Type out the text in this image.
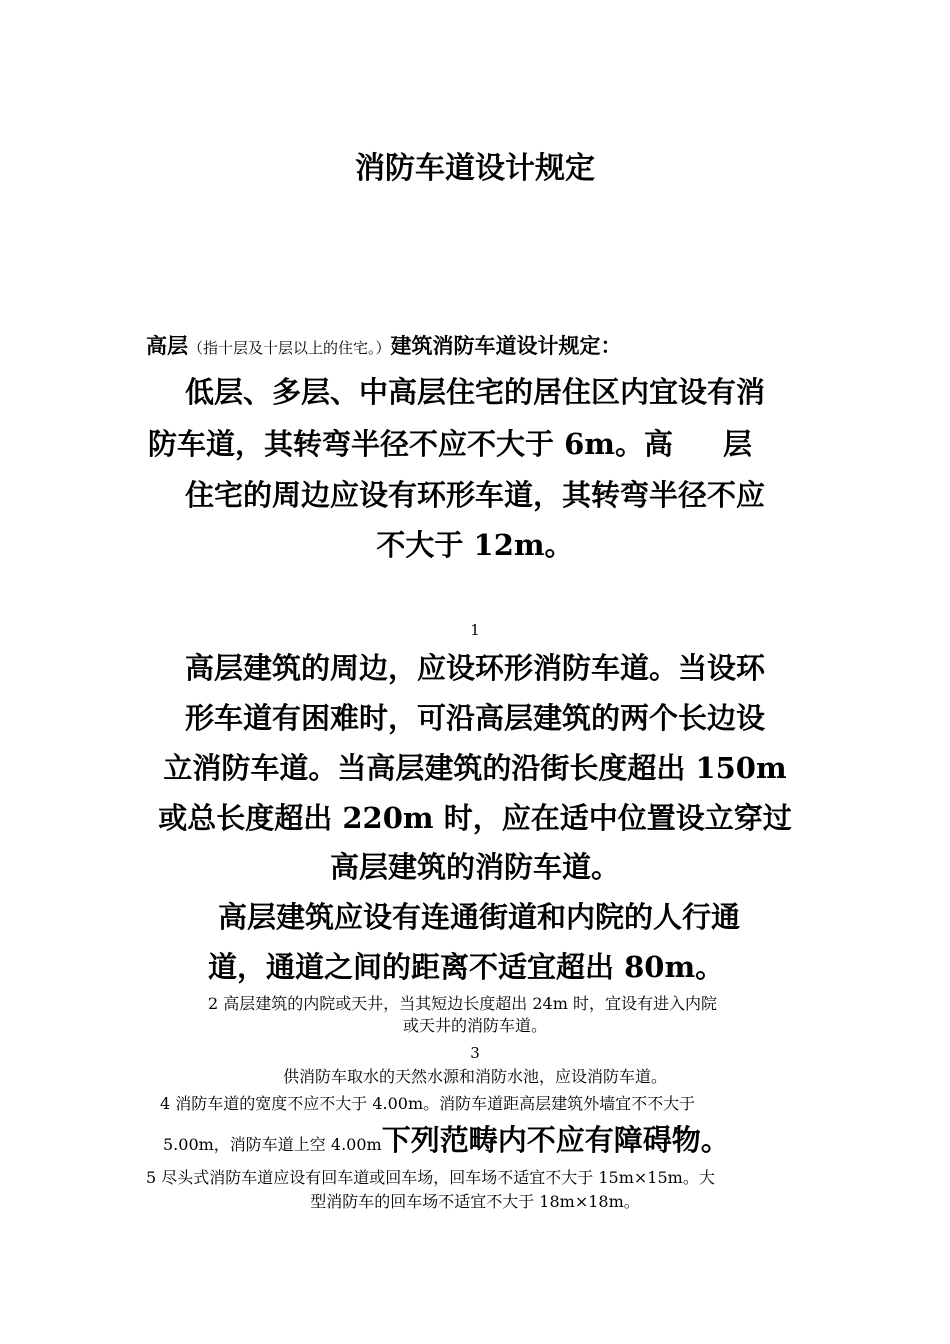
消防车道设计规定
高层（指十层及十层以上的住宅。）建筑消防车道设计规定：
低层、多层、中高层住宅的居住区内宜设有消
防车道，其转弯半径不应不大于 6m。高 层
住宅的周边应设有环形车道，其转弯半径不应
不大于 12m。
1
高层建筑的周边，应设环形消防车道。当设环
形车道有困难时，可沿高层建筑的两个长边设
立消防车道。当高层建筑的沿街长度超出 150m
或总长度超出 220m 时，应在适中位置设立穿过
高层建筑的消防车道。
高层建筑应设有连通街道和内院的人行通
道，通道之间的距离不适宜超出 80m。
2 高层建筑的内院或天井，当其短边长度超出 24m 时，宜设有进入内院
或天井的消防车道。
3
供消防车取水的天然水源和消防水池，应设消防车道。
4 消防车道的宽度不应不大于 4.00m。消防车道距高层建筑外墙宜不不大于
5.00m，消防车道上空 4.00m下列范畴内不应有障碍物。
5 尽头式消防车道应设有回车道或回车场，回车场不适宜不大于 15m×15m。大
型消防车的回车场不适宜不大于 18m×18m。
